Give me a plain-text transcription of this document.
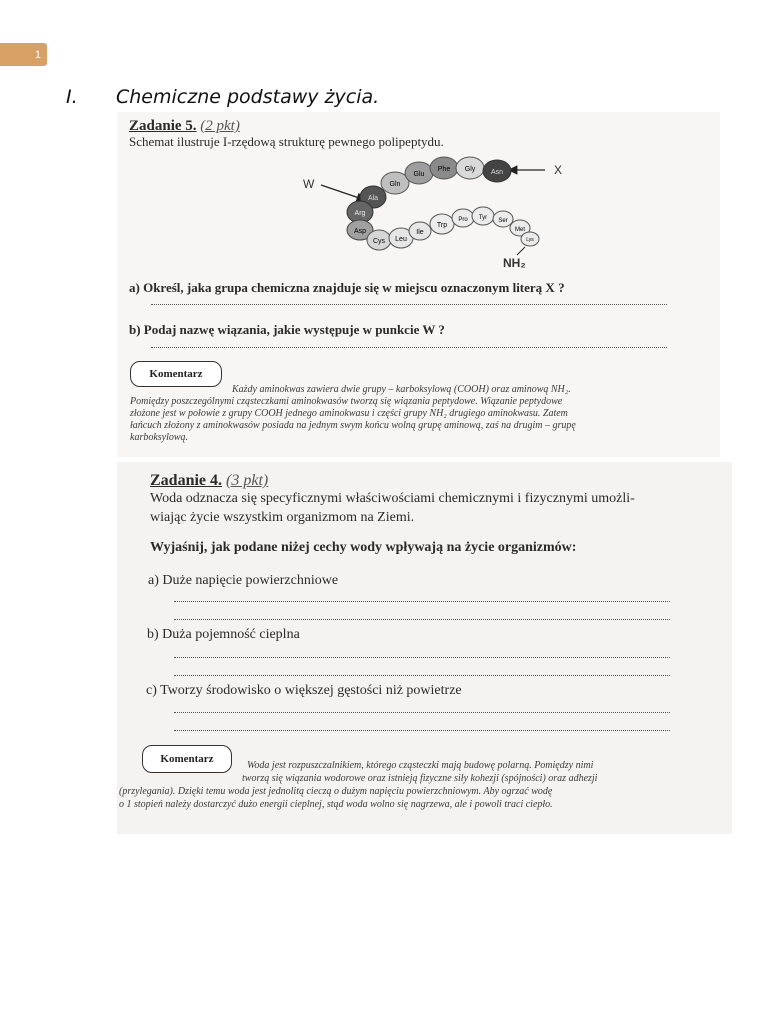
1
I. Chemiczne podstawy życia.
Zadanie 5. (2 pkt)
Schemat ilustruje I-rzędową strukturę pewnego polipeptydu.
W
X
NH₂
Gln
Glu
Phe Gly Asn
Ala
Arg
Asp
Cys Leu
Ile
Trp
Pro Tyr Ser
Met
Lys
a) Określ, jaka grupa chemiczna znajduje się w miejscu oznaczonym literą X ?
b) Podaj nazwę wiązania, jakie występuje w punkcie W ?
Komentarz
Każdy aminokwas zawiera dwie grupy – karboksylową (COOH) oraz aminową NH₂.
Pomiędzy poszczególnymi cząsteczkami aminokwasów tworzą się wiązania peptydowe. Wiązanie peptydowe
złożone jest w połowie z grupy COOH jednego aminokwasu i części grupy NH₂ drugiego aminokwasu. Zatem
łańcuch złożony z aminokwasów posiada na jednym swym końcu wolną grupę aminową, zaś na drugim – grupę
karboksylową.
Zadanie 4. (3 pkt)
Woda odznacza się specyficznymi właściwościami chemicznymi i fizycznymi umożli-
wiając życie wszystkim organizmom na Ziemi.
Wyjaśnij, jak podane niżej cechy wody wpływają na życie organizmów:
a) Duże napięcie powierzchniowe
b) Duża pojemność cieplna
c) Tworzy środowisko o większej gęstości niż powietrze
Komentarz
Woda jest rozpuszczalnikiem, którego cząsteczki mają budowę polarną. Pomiędzy nimi
tworzą się wiązania wodorowe oraz istnieją fizyczne siły kohezji (spójności) oraz adhezji
(przylegania). Dzięki temu woda jest jednolitą cieczą o dużym napięciu powierzchniowym. Aby ogrzać wodę
o 1 stopień należy dostarczyć dużo energii cieplnej, stąd woda wolno się nagrzewa, ale i powoli traci ciepło.
